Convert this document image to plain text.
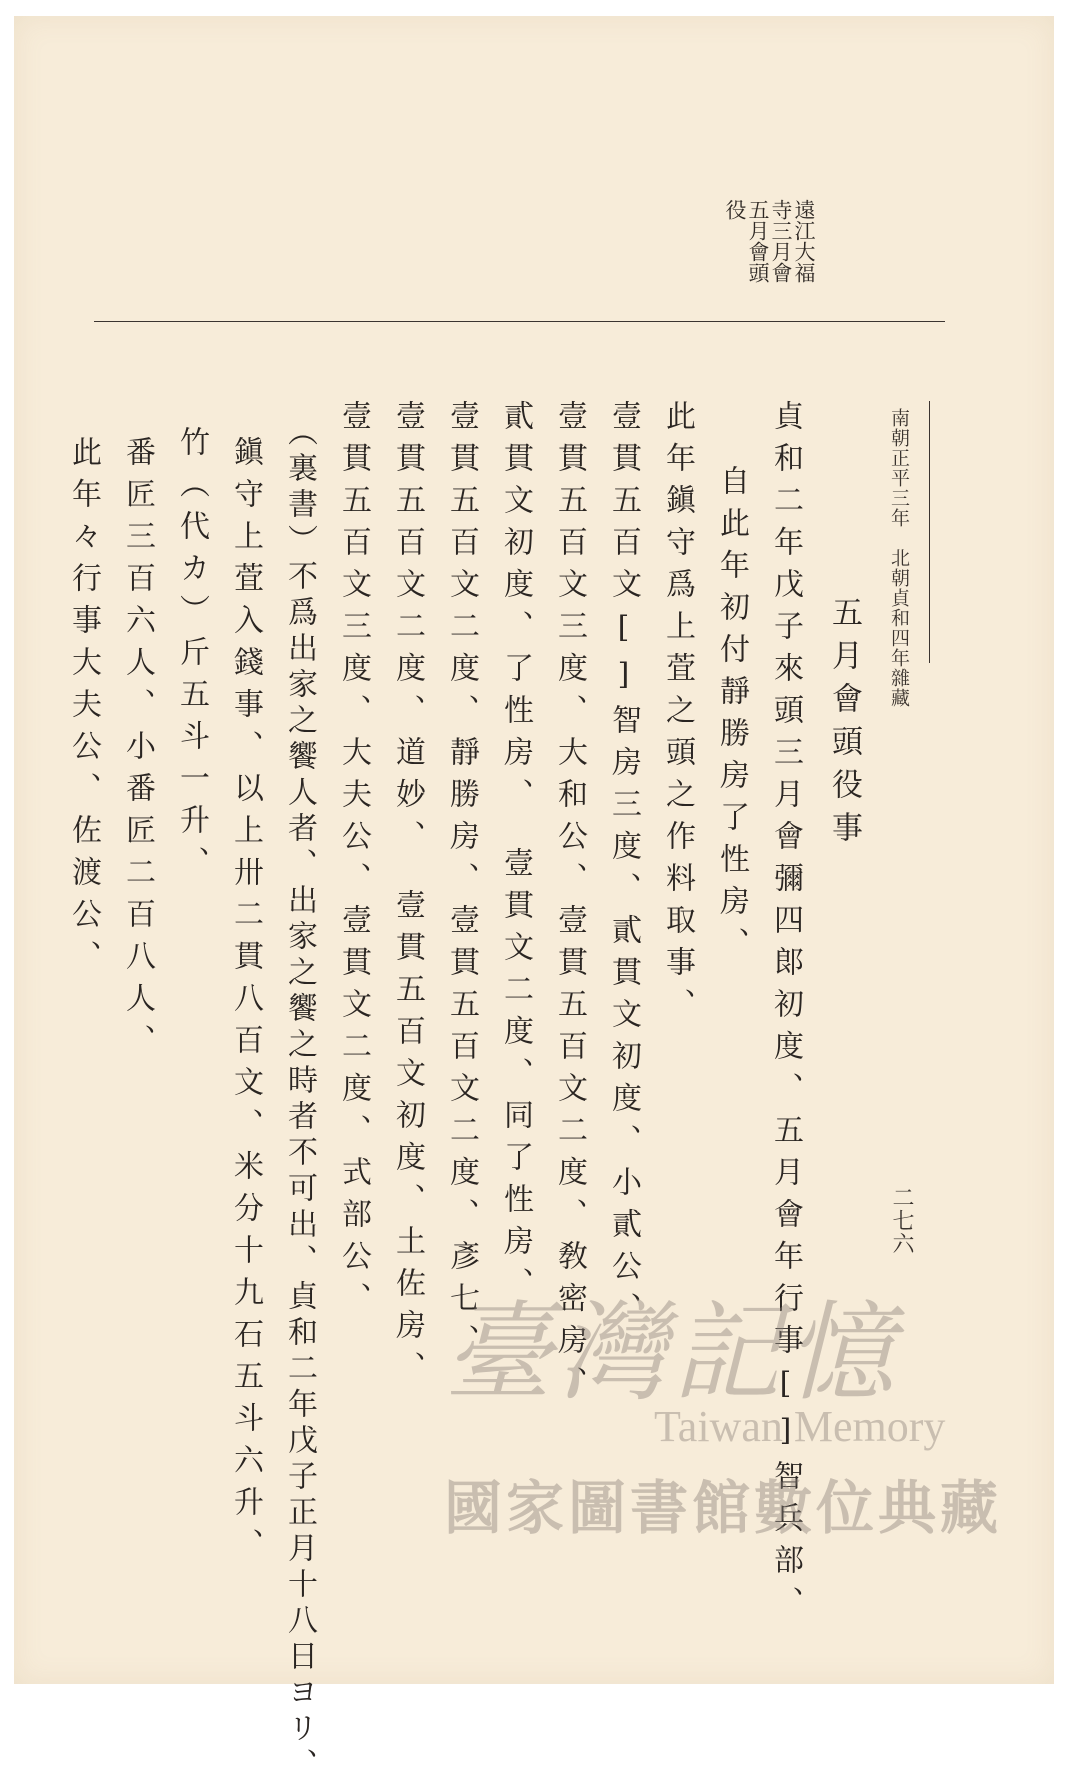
南朝正平三年　北朝貞和四年雜藏
二七六
遠江大福
寺三月會
五月會頭
役
五月會頭役事
貞和二年戊子來頭三月會彌四郞初度、五月會年行事[]智兵部、
自此年初付靜勝房了性房、
此年鎭守爲上萓之頭之作料取事、
壹貫五百文[]智房三度、貳貫文初度、小貳公、
壹貫五百文三度、大和公、壹貫五百文二度、敎密房、
貳貫文初度、了性房、　壹貫文二度、同了性房、
壹貫五百文二度、靜勝房、壹貫五百文二度、彥七、
壹貫五百文二度、道妙、　壹貫五百文初度、土佐房、
壹貫五百文三度、大夫公、壹貫文二度、式部公、
（裏書）不爲出家之饗人者、出家之饗之時者不可出、貞和二年戊子正月十八日ヨリ、
鎭守上萓入錢事、以上卅二貫八百文、米分十九石五斗六升、
竹（代カ）斤五斗一升、
番匠三百六人、小番匠二百八人、
此年々行事大夫公、佐渡公、
臺灣記憶
Taiwan Memory
國家圖書館數位典藏
